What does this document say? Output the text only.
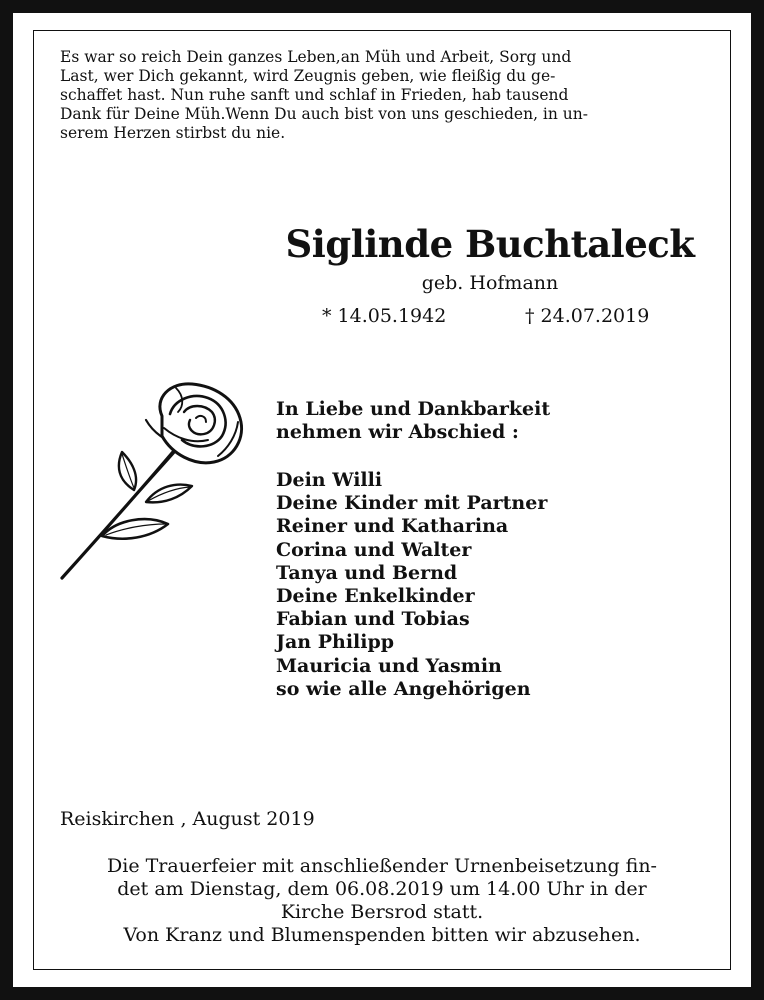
Es war so reich Dein ganzes Leben,an Müh und Arbeit, Sorg und
Last, wer Dich gekannt, wird Zeugnis geben, wie fleißig du ge-
schaffet hast. Nun ruhe sanft und schlaf in Frieden, hab tausend
Dank für Deine Müh.Wenn Du auch bist von uns geschieden, in un-
serem Herzen stirbst du nie.
Siglinde Buchtaleck
geb. Hofmann
* 14.05.1942	† 24.07.2019
In Liebe und Dankbarkeit
nehmen wir Abschied :
Dein Willi
Deine Kinder mit Partner
Reiner und Katharina
Corina und Walter
Tanya und Bernd
Deine Enkelkinder
Fabian und Tobias
Jan Philipp
Mauricia und Yasmin
so wie alle Angehörigen
Reiskirchen , August 2019
Die Trauerfeier mit anschließender Urnenbeisetzung fin-
det am Dienstag, dem 06.08.2019 um 14.00 Uhr in der
Kirche Bersrod statt.
Von Kranz und Blumenspenden bitten wir abzusehen.
